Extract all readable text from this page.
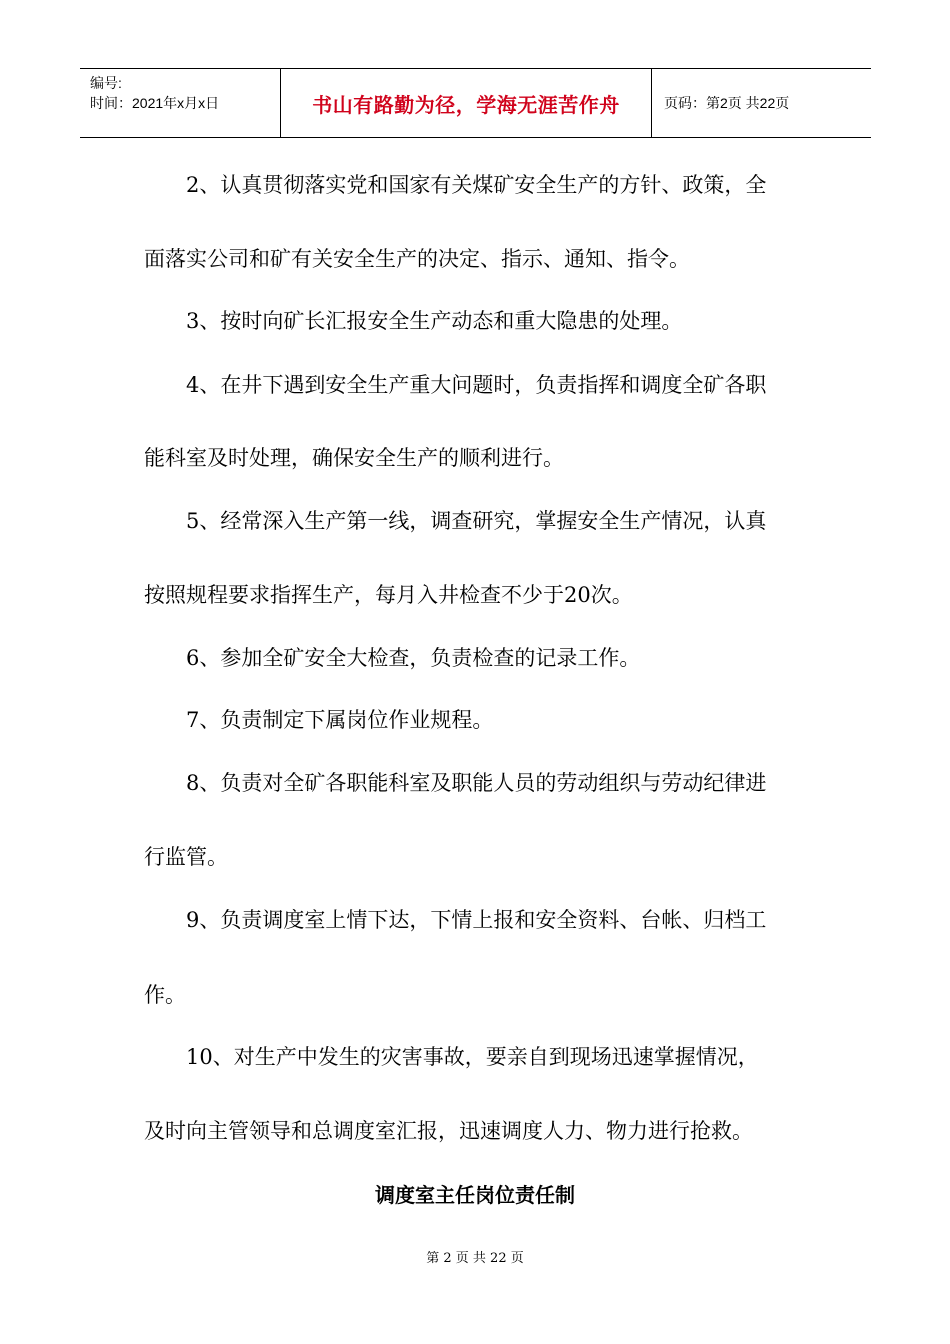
编号:
时间：2021年x月x日	书山有路勤为径，学海无涯苦作舟	页码：第2页 共22页
2、认真贯彻落实党和国家有关煤矿安全生产的方针、政策，全
面落实公司和矿有关安全生产的决定、指示、通知、指令。
3、按时向矿长汇报安全生产动态和重大隐患的处理。
4、在井下遇到安全生产重大问题时，负责指挥和调度全矿各职
能科室及时处理，确保安全生产的顺利进行。
5、经常深入生产第一线，调查研究，掌握安全生产情况，认真
按照规程要求指挥生产，每月入井检查不少于20次。
6、参加全矿安全大检查，负责检查的记录工作。
7、负责制定下属岗位作业规程。
8、负责对全矿各职能科室及职能人员的劳动组织与劳动纪律进
行监管。
9、负责调度室上情下达，下情上报和安全资料、台帐、归档工
作。
10、对生产中发生的灾害事故，要亲自到现场迅速掌握情况，
及时向主管领导和总调度室汇报，迅速调度人力、物力进行抢救。
调度室主任岗位责任制
第 2 页 共 22 页
